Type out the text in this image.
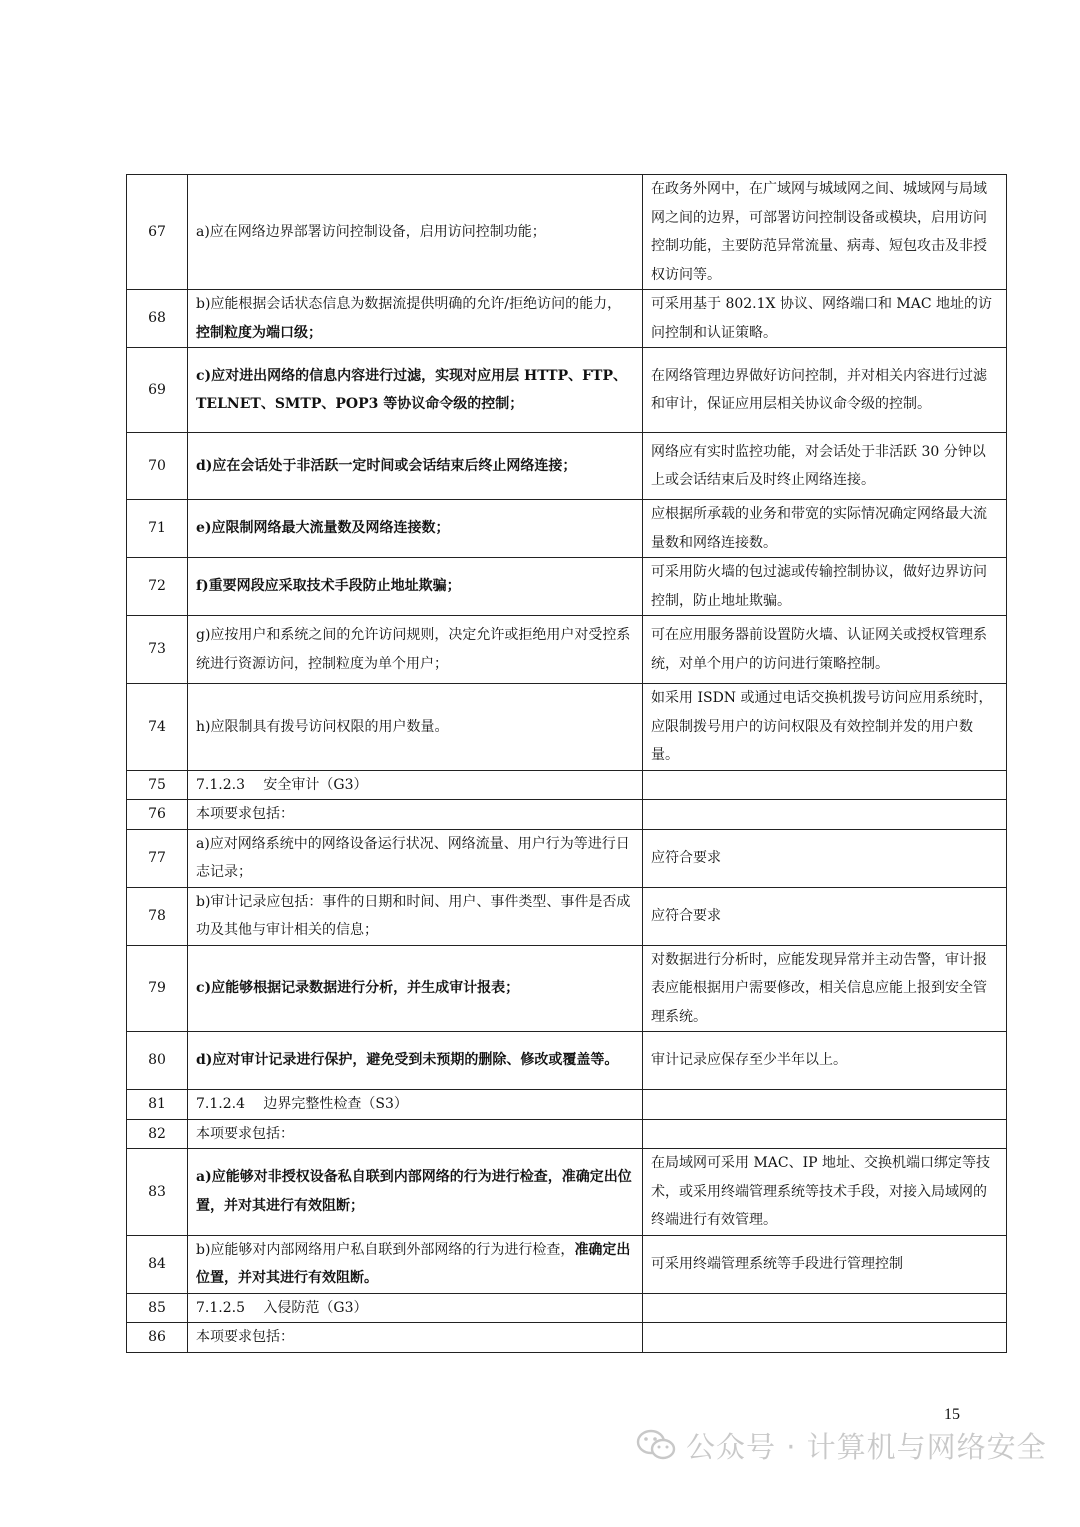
67	a)应在网络边界部署访问控制设备，启用访问控制功能；	在政务外网中，在广域网与城域网之间、城域网与局域网之间的边界，可部署访问控制设备或模块，启用访问控制功能，主要防范异常流量、病毒、短包攻击及非授权访问等。
68	b)应能根据会话状态信息为数据流提供明确的允许/拒绝访问的能力，控制粒度为端口级；	可采用基于 802.1X 协议、网络端口和 MAC 地址的访问控制和认证策略。
69	c)应对进出网络的信息内容进行过滤，实现对应用层 HTTP、FTP、TELNET、SMTP、POP3 等协议命令级的控制；	在网络管理边界做好访问控制，并对相关内容进行过滤和审计，保证应用层相关协议命令级的控制。
70	d)应在会话处于非活跃一定时间或会话结束后终止网络连接；	网络应有实时监控功能，对会话处于非活跃 30 分钟以上或会话结束后及时终止网络连接。
71	e)应限制网络最大流量数及网络连接数；	应根据所承载的业务和带宽的实际情况确定网络最大流量数和网络连接数。
72	f)重要网段应采取技术手段防止地址欺骗；	可采用防火墙的包过滤或传输控制协议，做好边界访问控制，防止地址欺骗。
73	g)应按用户和系统之间的允许访问规则，决定允许或拒绝用户对受控系统进行资源访问，控制粒度为单个用户；	可在应用服务器前设置防火墙、认证网关或授权管理系统，对单个用户的访问进行策略控制。
74	h)应限制具有拨号访问权限的用户数量。	如采用 ISDN 或通过电话交换机拨号访问应用系统时，应限制拨号用户的访问权限及有效控制并发的用户数量。
75	7.1.2.3　 安全审计（G3）	
76	本项要求包括：	
77	a)应对网络系统中的网络设备运行状况、网络流量、用户行为等进行日志记录；	应符合要求
78	b)审计记录应包括：事件的日期和时间、用户、事件类型、事件是否成功及其他与审计相关的信息；	应符合要求
79	c)应能够根据记录数据进行分析，并生成审计报表；	对数据进行分析时，应能发现异常并主动告警，审计报表应能根据用户需要修改，相关信息应能上报到安全管理系统。
80	d)应对审计记录进行保护，避免受到未预期的删除、修改或覆盖等。	审计记录应保存至少半年以上。
81	7.1.2.4　 边界完整性检查（S3）	
82	本项要求包括：	
83	a)应能够对非授权设备私自联到内部网络的行为进行检查，准确定出位置，并对其进行有效阻断；	在局域网可采用 MAC、IP 地址、交换机端口绑定等技术，或采用终端管理系统等技术手段，对接入局域网的终端进行有效管理。
84	b)应能够对内部网络用户私自联到外部网络的行为进行检查，准确定出位置，并对其进行有效阻断。	可采用终端管理系统等手段进行管理控制
85	7.1.2.5　 入侵防范（G3）	
86	本项要求包括：	
15
公众号 · 计算机与网络安全
